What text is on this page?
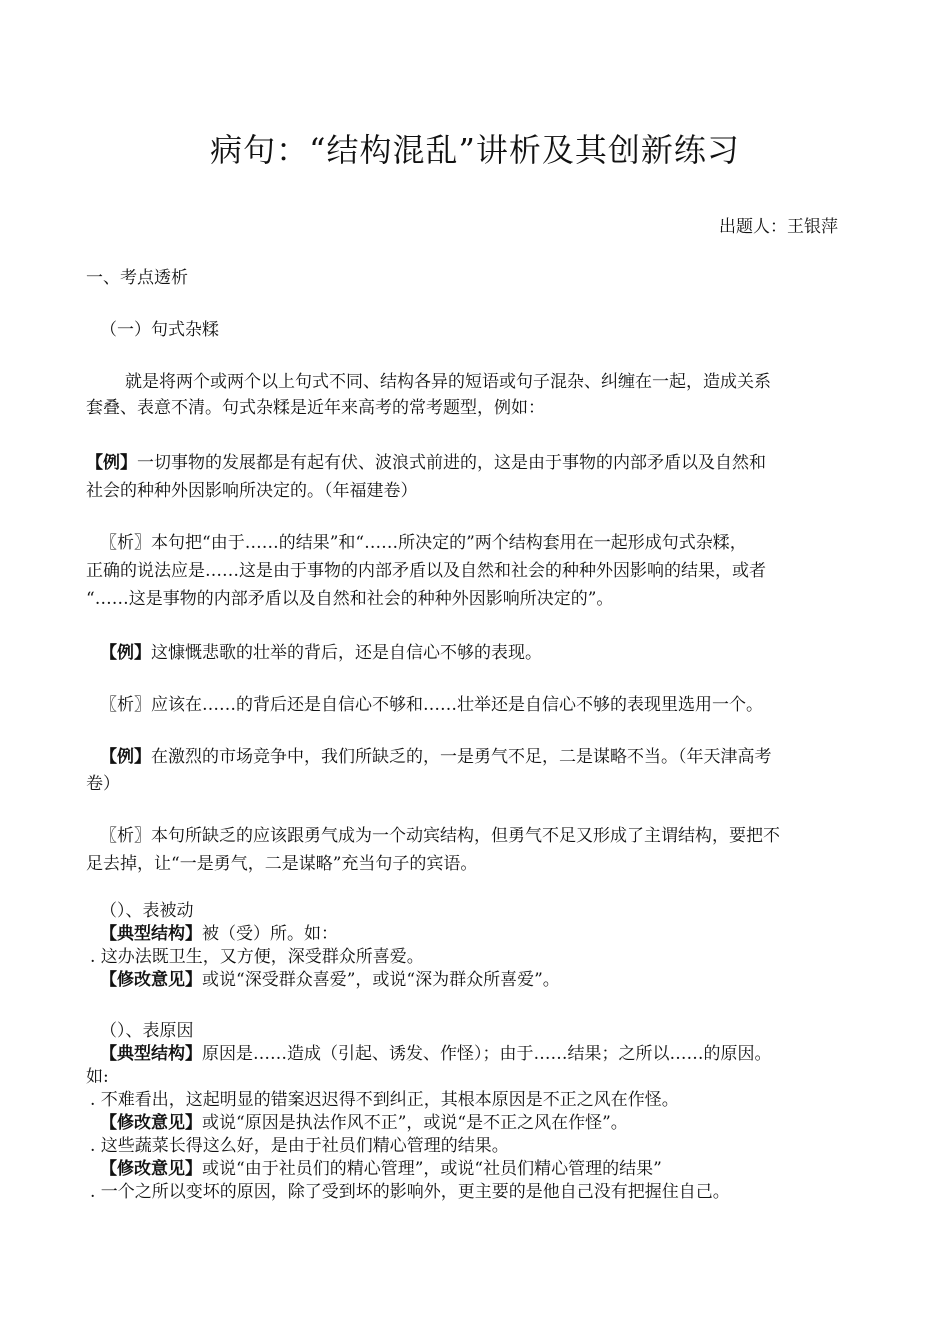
病句：“结构混乱”讲析及其创新练习

出题人：王银萍

一、考点透析

（一）句式杂糅

就是将两个或两个以上句式不同、结构各异的短语或句子混杂、纠缠在一起，造成关系

套叠、表意不清。句式杂糅是近年来高考的常考题型，例如：

【例】一切事物的发展都是有起有伏、波浪式前进的，这是由于事物的内部矛盾以及自然和

社会的种种外因影响所决定的。（年福建卷）

〖析〗本句把“由于……的结果”和“……所决定的”两个结构套用在一起形成句式杂糅，

正确的说法应是……这是由于事物的内部矛盾以及自然和社会的种种外因影响的结果，或者

“……这是事物的内部矛盾以及自然和社会的种种外因影响所决定的”。

【例】这慷慨悲歌的壮举的背后，还是自信心不够的表现。

〖析〗应该在……的背后还是自信心不够和……壮举还是自信心不够的表现里选用一个。

【例】在激烈的市场竞争中，我们所缺乏的，一是勇气不足，二是谋略不当。（年天津高考

卷）

〖析〗本句所缺乏的应该跟勇气成为一个动宾结构，但勇气不足又形成了主谓结构，要把不

足去掉，让“一是勇气，二是谋略”充当句子的宾语。

（）、表被动

【典型结构】被（受）所。如：

. 这办法既卫生，又方便，深受群众所喜爱。

【修改意见】或说“深受群众喜爱”，或说“深为群众所喜爱”。

（）、表原因

【典型结构】原因是……造成（引起、诱发、作怪）；由于……结果；之所以……的原因。

如:

. 不难看出，这起明显的错案迟迟得不到纠正，其根本原因是不正之风在作怪。

【修改意见】或说“原因是执法作风不正”，或说“是不正之风在作怪”。

. 这些蔬菜长得这么好，是由于社员们精心管理的结果。

【修改意见】或说“由于社员们的精心管理”，或说“社员们精心管理的结果”

. 一个之所以变坏的原因，除了受到坏的影响外，更主要的是他自己没有把握住自己。
